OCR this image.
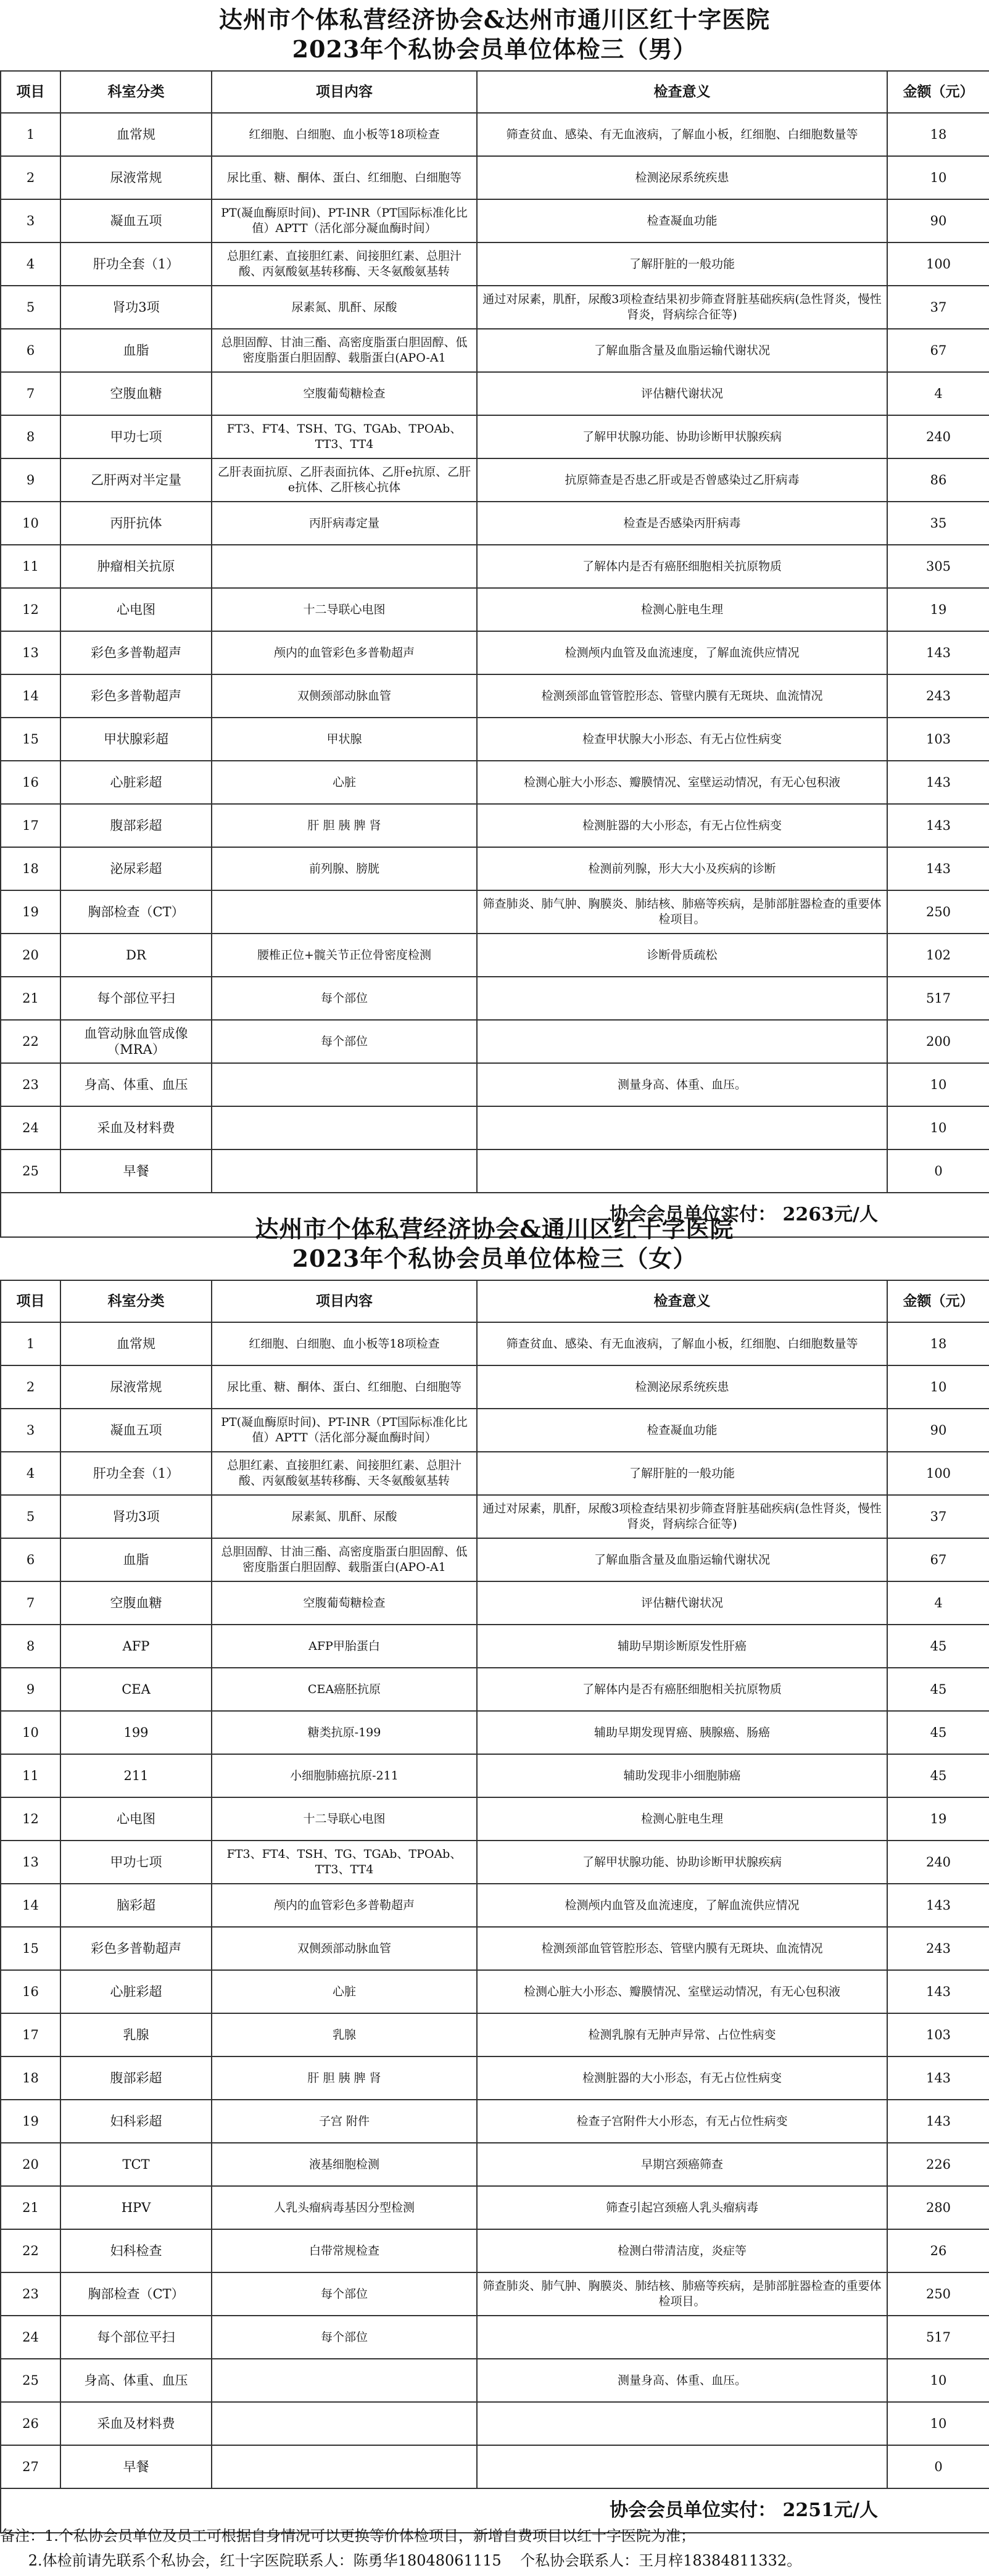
达州市个体私营经济协会&达州市通川区红十字医院
2023年个私协会员单位体检三（男）
项目	科室分类	项目内容	检查意义	金额（元）
1	血常规	红细胞、白细胞、血小板等18项检查	筛查贫血、感染、有无血液病，了解血小板，红细胞、白细胞数量等	18
2	尿液常规	尿比重、糖、酮体、蛋白、红细胞、白细胞等	检测泌尿系统疾患	10
3	凝血五项	PT(凝血酶原时间)、PT-INR（PT国际标准化比值）APTT（活化部分凝血酶时间）	检查凝血功能	90
4	肝功全套（1）	总胆红素、直接胆红素、间接胆红素、总胆汁酸、丙氨酸氨基转移酶、天冬氨酸氨基转	了解肝脏的一般功能	100
5	肾功3项	尿素氮、肌酐、尿酸	通过对尿素，肌酐，尿酸3项检查结果初步筛查肾脏基础疾病(急性肾炎，慢性肾炎，肾病综合征等)	37
6	血脂	总胆固醇、甘油三酯、高密度脂蛋白胆固醇、低密度脂蛋白胆固醇、载脂蛋白(APO-A1	了解血脂含量及血脂运输代谢状况	67
7	空腹血糖	空腹葡萄糖检查	评估糖代谢状况	4
8	甲功七项	FT3、FT4、TSH、TG、TGAb、TPOAb、TT3、TT4	了解甲状腺功能、协助诊断甲状腺疾病	240
9	乙肝两对半定量	乙肝表面抗原、乙肝表面抗体、乙肝e抗原、乙肝e抗体、乙肝核心抗体	抗原筛查是否患乙肝或是否曾感染过乙肝病毒	86
10	丙肝抗体	丙肝病毒定量	检查是否感染丙肝病毒	35
11	肿瘤相关抗原		了解体内是否有癌胚细胞相关抗原物质	305
12	心电图	十二导联心电图	检测心脏电生理	19
13	彩色多普勒超声	颅内的血管彩色多普勒超声	检测颅内血管及血流速度，了解血流供应情况	143
14	彩色多普勒超声	双侧颈部动脉血管	检测颈部血管管腔形态、管壁内膜有无斑块、血流情况	243
15	甲状腺彩超	甲状腺	检查甲状腺大小形态、有无占位性病变	103
16	心脏彩超	心脏	检测心脏大小形态、瓣膜情况、室壁运动情况，有无心包积液	143
17	腹部彩超	肝 胆 胰 脾 肾	检测脏器的大小形态，有无占位性病变	143
18	泌尿彩超	前列腺、膀胱	检测前列腺，形大大小及疾病的诊断	143
19	胸部检查（CT）		筛查肺炎、肺气肿、胸膜炎、肺结核、肺癌等疾病，是肺部脏器检查的重要体检项目。	250
20	DR	腰椎正位+髋关节正位骨密度检测	诊断骨质疏松	102
21	每个部位平扫	每个部位		517
22	血管动脉血管成像（MRA）	每个部位		200
23	身高、体重、血压		测量身高、体重、血压。	10
24	采血及材料费			10
25	早餐			0
协会会员单位实付： 2263元/人				
达州市个体私营经济协会&通川区红十字医院
2023年个私协会员单位体检三（女）
项目	科室分类	项目内容	检查意义	金额（元）
1	血常规	红细胞、白细胞、血小板等18项检查	筛查贫血、感染、有无血液病，了解血小板，红细胞、白细胞数量等	18
2	尿液常规	尿比重、糖、酮体、蛋白、红细胞、白细胞等	检测泌尿系统疾患	10
3	凝血五项	PT(凝血酶原时间)、PT-INR（PT国际标准化比值）APTT（活化部分凝血酶时间）	检查凝血功能	90
4	肝功全套（1）	总胆红素、直接胆红素、间接胆红素、总胆汁酸、丙氨酸氨基转移酶、天冬氨酸氨基转	了解肝脏的一般功能	100
5	肾功3项	尿素氮、肌酐、尿酸	通过对尿素，肌酐，尿酸3项检查结果初步筛查肾脏基础疾病(急性肾炎，慢性肾炎，肾病综合征等)	37
6	血脂	总胆固醇、甘油三酯、高密度脂蛋白胆固醇、低密度脂蛋白胆固醇、载脂蛋白(APO-A1	了解血脂含量及血脂运输代谢状况	67
7	空腹血糖	空腹葡萄糖检查	评估糖代谢状况	4
8	AFP	AFP甲胎蛋白	辅助早期诊断原发性肝癌	45
9	CEA	CEA癌胚抗原	了解体内是否有癌胚细胞相关抗原物质	45
10	199	糖类抗原-199	辅助早期发现胃癌、胰腺癌、肠癌	45
11	211	小细胞肺癌抗原-211	辅助发现非小细胞肺癌	45
12	心电图	十二导联心电图	检测心脏电生理	19
13	甲功七项	FT3、FT4、TSH、TG、TGAb、TPOAb、TT3、TT4	了解甲状腺功能、协助诊断甲状腺疾病	240
14	脑彩超	颅内的血管彩色多普勒超声	检测颅内血管及血流速度，了解血流供应情况	143
15	彩色多普勒超声	双侧颈部动脉血管	检测颈部血管管腔形态、管壁内膜有无斑块、血流情况	243
16	心脏彩超	心脏	检测心脏大小形态、瓣膜情况、室壁运动情况，有无心包积液	143
17	乳腺	乳腺	检测乳腺有无肿声异常、占位性病变	103
18	腹部彩超	肝 胆 胰 脾 肾	检测脏器的大小形态，有无占位性病变	143
19	妇科彩超	子宫 附件	检查子宫附件大小形态，有无占位性病变	143
20	TCT	液基细胞检测	早期宫颈癌筛查	226
21	HPV	人乳头瘤病毒基因分型检测	筛查引起宫颈癌人乳头瘤病毒	280
22	妇科检查	白带常规检查	检测白带清洁度，炎症等	26
23	胸部检查（CT）	每个部位	筛查肺炎、肺气肿、胸膜炎、肺结核、肺癌等疾病，是肺部脏器检查的重要体检项目。	250
24	每个部位平扫	每个部位		517
25	身高、体重、血压		测量身高、体重、血压。	10
26	采血及材料费			10
27	早餐			0
协会会员单位实付： 2251元/人				
备注：1.个私协会员单位及员工可根据自身情况可以更换等价体检项目，新增自费项目以红十字医院为准；
2.体检前请先联系个私协会，红十字医院联系人：陈勇华18048061115    个私协会联系人：王月梓18384811332。
